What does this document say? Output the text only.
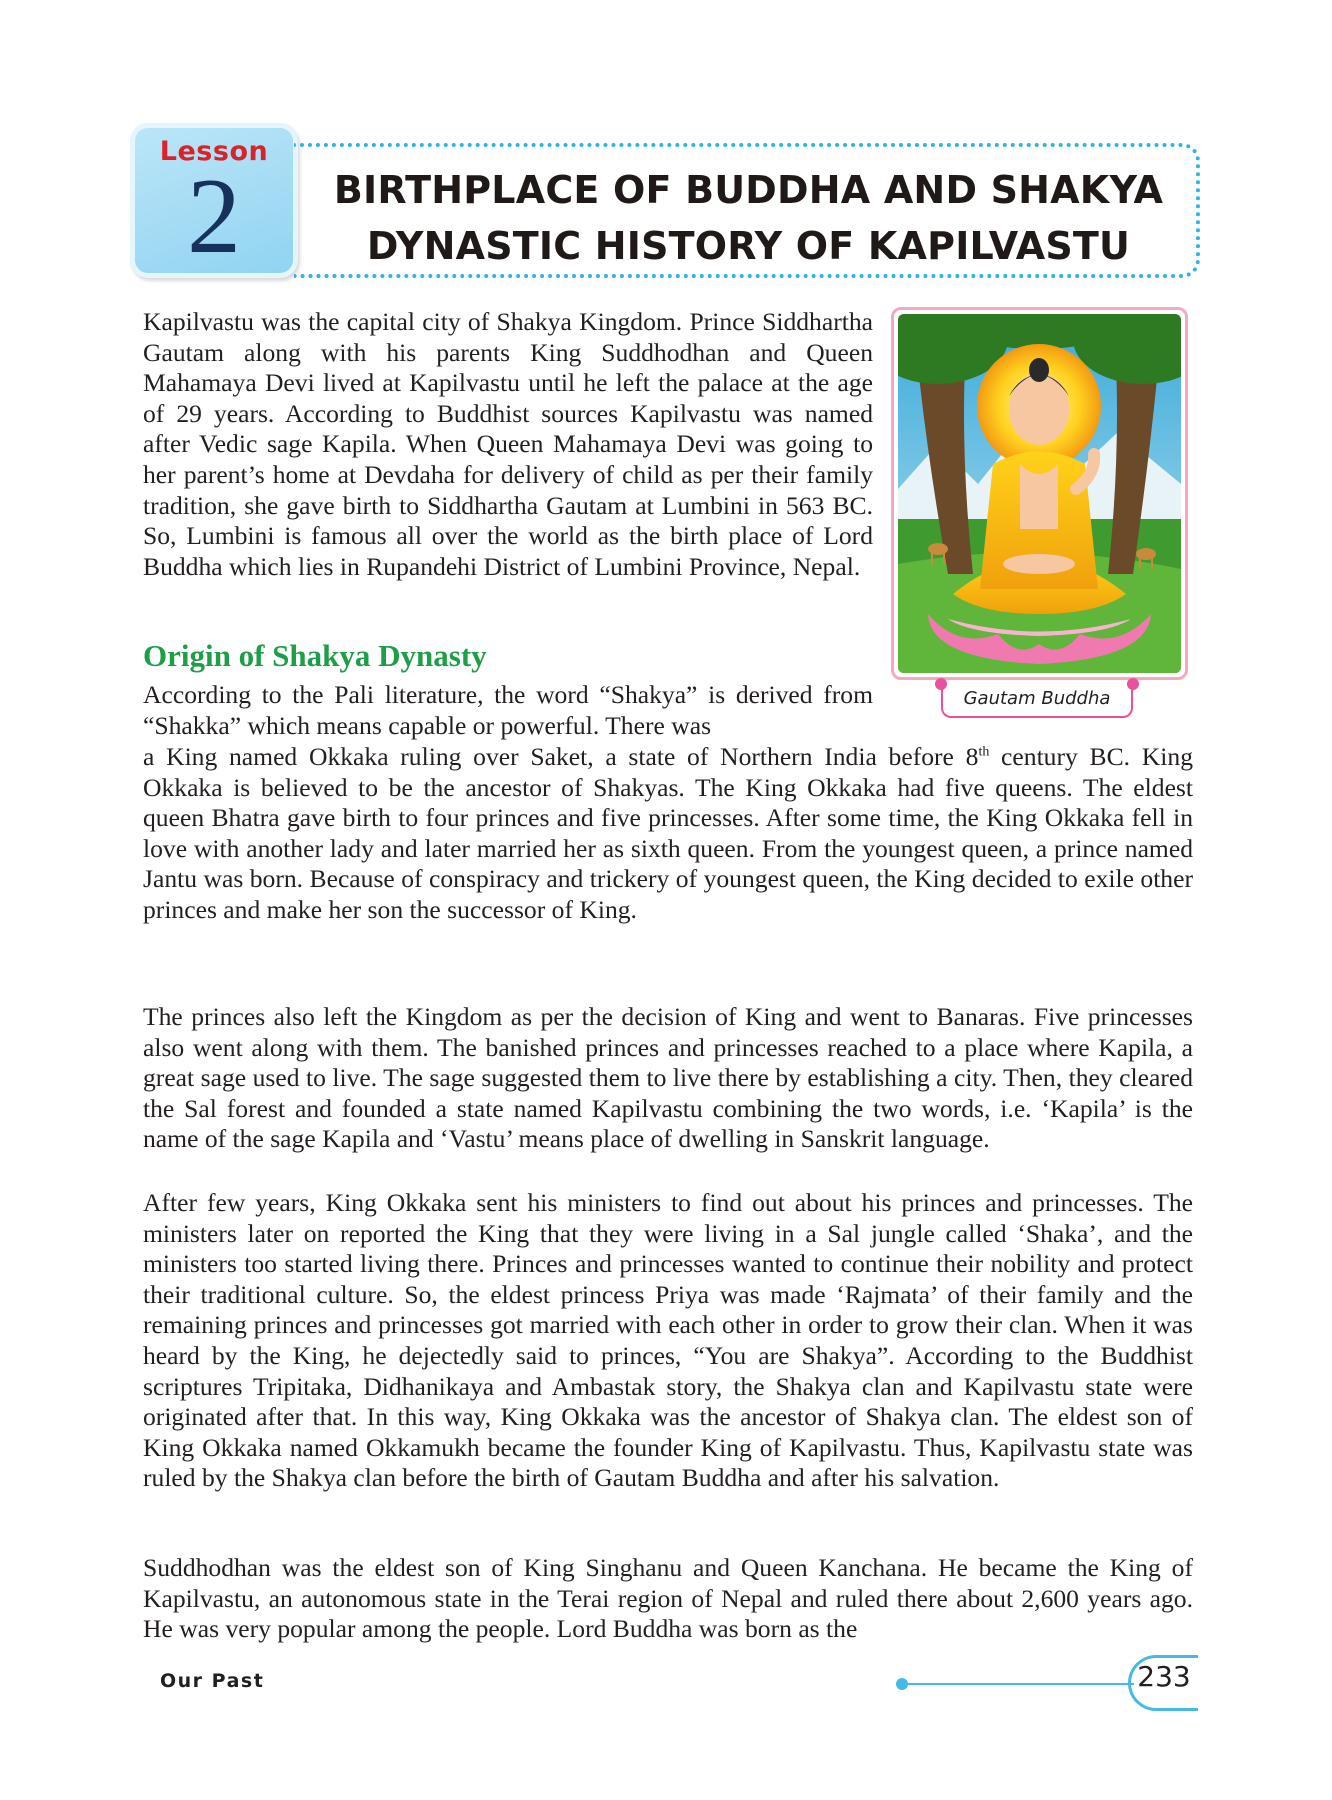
Lesson
2	BIRTHPLACE OF BUDDHA AND SHAKYA
DYNASTIC HISTORY OF KAPILVASTU

Kapilvastu was the capital city of Shakya Kingdom. Prince Siddhartha Gautam along with his parents King Suddhodhan and Queen Mahamaya Devi lived at Kapilvastu until he left the palace at the age of 29 years. According to Buddhist sources Kapilvastu was named after Vedic sage Kapila. When Queen Mahamaya Devi was going to her parent’s home at Devdaha for delivery of child as per their family tradition, she gave birth to Siddhartha Gautam at Lumbini in 563 BC. So, Lumbini is famous all over the world as the birth place of Lord Buddha which lies in Rupandehi District of Lumbini Province, Nepal.

Origin of Shakya Dynasty

According to the Pali literature, the word “Shakya” is derived from “Shakka” which means capable or powerful. There was

a King named Okkaka ruling over Saket, a state of Northern India before 8th century BC. King Okkaka is believed to be the ancestor of Shakyas. The King Okkaka had five queens. The eldest queen Bhatra gave birth to four princes and five princesses. After some time, the King Okkaka fell in love with another lady and later married her as sixth queen. From the youngest queen, a prince named Jantu was born. Because of conspiracy and trickery of youngest queen, the King decided to exile other princes and make her son the successor of King.

The princes also left the Kingdom as per the decision of King and went to Banaras. Five princesses also went along with them. The banished princes and princesses reached to a place where Kapila, a great sage used to live. The sage suggested them to live there by establishing a city. Then, they cleared the Sal forest and founded a state named Kapilvastu combining the two words, i.e. ‘Kapila’ is the name of the sage Kapila and ‘Vastu’ means place of dwelling in Sanskrit language.

After few years, King Okkaka sent his ministers to find out about his princes and princesses. The ministers later on reported the King that they were living in a Sal jungle called ‘Shaka’, and the ministers too started living there. Princes and princesses wanted to continue their nobility and protect their traditional culture. So, the eldest princess Priya was made ‘Rajmata’ of their family and the remaining princes and princesses got married with each other in order to grow their clan. When it was heard by the King, he dejectedly said to princes, “You are Shakya”. According to the Buddhist scriptures Tripitaka, Didhanikaya and Ambastak story, the Shakya clan and Kapilvastu state were originated after that. In this way, King Okkaka was the ancestor of Shakya clan. The eldest son of King Okkaka named Okkamukh became the founder King of Kapilvastu. Thus, Kapilvastu state was ruled by the Shakya clan before the birth of Gautam Buddha and after his salvation.

Suddhodhan was the eldest son of King Singhanu and Queen Kanchana. He became the King of Kapilvastu, an autonomous state in the Terai region of Nepal and ruled there about 2,600 years ago. He was very popular among the people. Lord Buddha was born as the

Gautam Buddha
Our Past	233
